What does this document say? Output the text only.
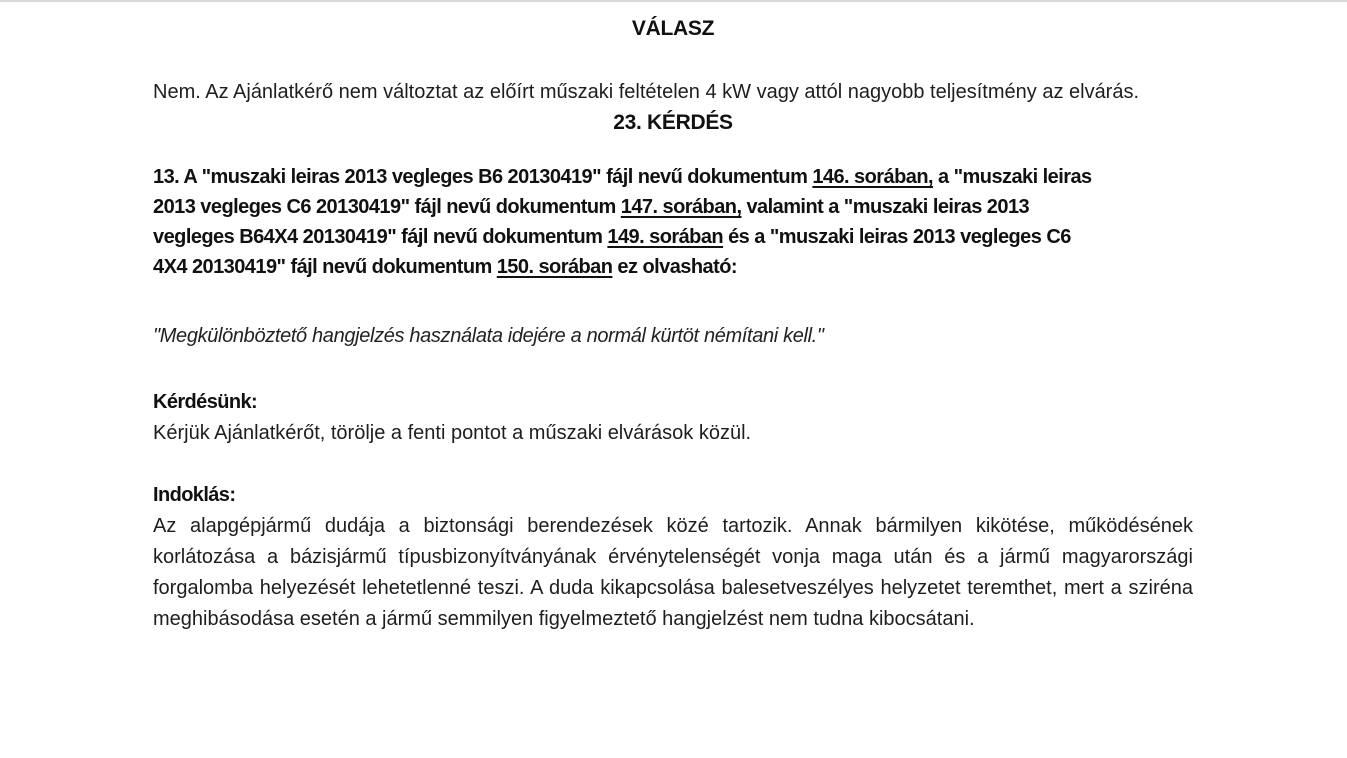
VÁLASZ
Nem. Az Ajánlatkérő nem változtat az előírt műszaki feltételen 4 kW vagy attól nagyobb teljesítmény az elvárás.
23. KÉRDÉS
13. A "muszaki leiras 2013 vegleges B6 20130419" fájl nevű dokumentum 146. sorában, a "muszaki leiras 2013 vegleges C6 20130419" fájl nevű dokumentum 147. sorában, valamint a "muszaki leiras 2013 vegleges B64X4 20130419" fájl nevű dokumentum 149. sorában és a "muszaki leiras 2013 vegleges C6 4X4 20130419" fájl nevű dokumentum 150. sorában ez olvasható:
"Megkülönböztető hangjelzés használata idejére a normál kürtöt némítani kell."
Kérdésünk:
Kérjük Ajánlatkérőt, törölje a fenti pontot a műszaki elvárások közül.
Indoklás:
Az alapgépjármű dudája a biztonsági berendezések közé tartozik. Annak bármilyen kikötése, működésének korlátozása a bázisjármű típusbizonyítványának érvénytelenségét vonja maga után és a jármű magyarországi forgalomba helyezését lehetetlenné teszi. A duda kikapcsolása balesetveszélyes helyzetet teremthet, mert a sziréna meghibásodása esetén a jármű semmilyen figyelmeztető hangjelzést nem tudna kibocsátani.
